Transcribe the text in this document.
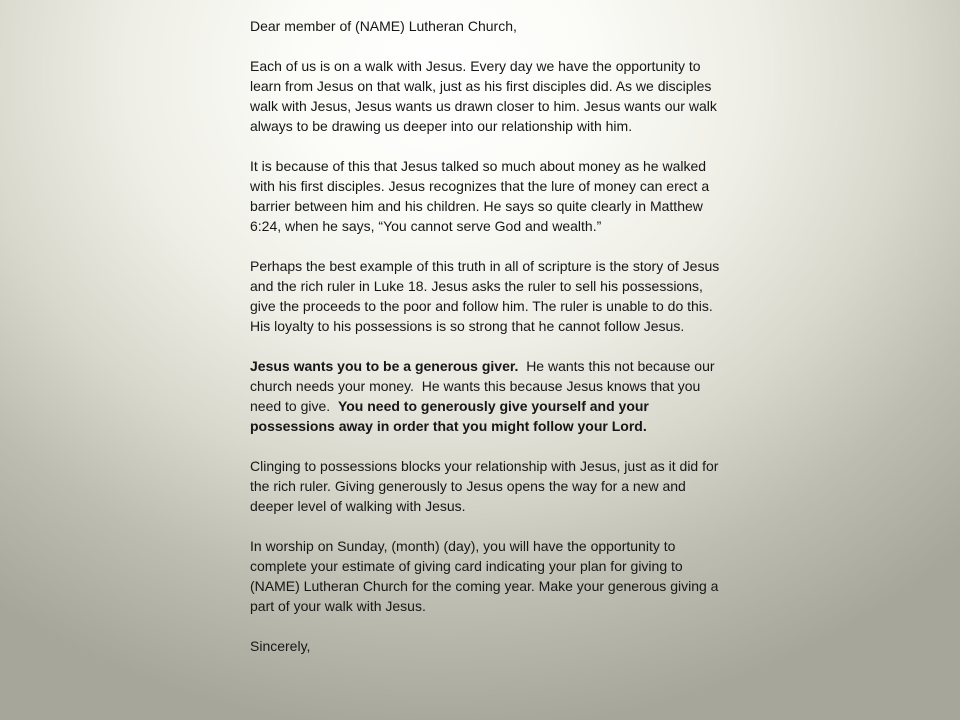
Dear member of (NAME) Lutheran Church,

Each of us is on a walk with Jesus. Every day we have the opportunity to learn from Jesus on that walk, just as his first disciples did. As we disciples walk with Jesus, Jesus wants us drawn closer to him. Jesus wants our walk always to be drawing us deeper into our relationship with him.

It is because of this that Jesus talked so much about money as he walked with his first disciples. Jesus recognizes that the lure of money can erect a barrier between him and his children. He says so quite clearly in Matthew 6:24, when he says, “You cannot serve God and wealth.”

Perhaps the best example of this truth in all of scripture is the story of Jesus and the rich ruler in Luke 18. Jesus asks the ruler to sell his possessions, give the proceeds to the poor and follow him. The ruler is unable to do this. His loyalty to his possessions is so strong that he cannot follow Jesus.

Jesus wants you to be a generous giver.  He wants this not because our church needs your money.  He wants this because Jesus knows that you need to give.  You need to generously give yourself and your possessions away in order that you might follow your Lord.

Clinging to possessions blocks your relationship with Jesus, just as it did for the rich ruler. Giving generously to Jesus opens the way for a new and deeper level of walking with Jesus.

In worship on Sunday, (month) (day), you will have the opportunity to complete your estimate of giving card indicating your plan for giving to (NAME) Lutheran Church for the coming year. Make your generous giving a part of your walk with Jesus.

Sincerely,
